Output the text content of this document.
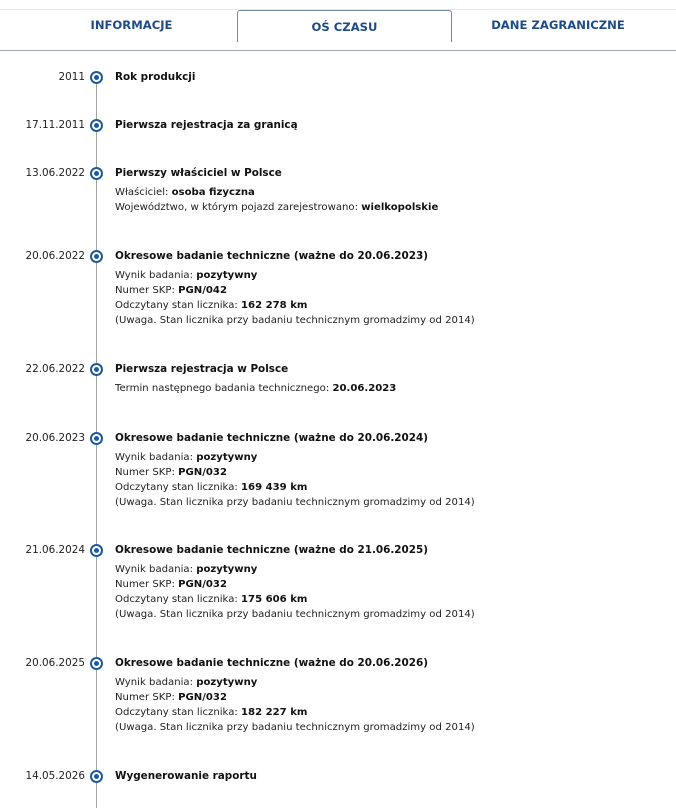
INFORMACJE	OŚ CZASU	DANE ZAGRANICZNE
2011	Rok produkcji
17.11.2011	Pierwsza rejestracja za granicą
13.06.2022	Pierwszy właściciel w Polsce
Właściciel: osoba fizyczna
Województwo, w którym pojazd zarejestrowano: wielkopolskie
20.06.2022	Okresowe badanie techniczne (ważne do 20.06.2023)
Wynik badania: pozytywny
Numer SKP: PGN/042
Odczytany stan licznika: 162 278 km
(Uwaga. Stan licznika przy badaniu technicznym gromadzimy od 2014)
22.06.2022	Pierwsza rejestracja w Polsce
Termin następnego badania technicznego: 20.06.2023
20.06.2023	Okresowe badanie techniczne (ważne do 20.06.2024)
Wynik badania: pozytywny
Numer SKP: PGN/032
Odczytany stan licznika: 169 439 km
(Uwaga. Stan licznika przy badaniu technicznym gromadzimy od 2014)
21.06.2024	Okresowe badanie techniczne (ważne do 21.06.2025)
Wynik badania: pozytywny
Numer SKP: PGN/032
Odczytany stan licznika: 175 606 km
(Uwaga. Stan licznika przy badaniu technicznym gromadzimy od 2014)
20.06.2025	Okresowe badanie techniczne (ważne do 20.06.2026)
Wynik badania: pozytywny
Numer SKP: PGN/032
Odczytany stan licznika: 182 227 km
(Uwaga. Stan licznika przy badaniu technicznym gromadzimy od 2014)
14.05.2026	Wygenerowanie raportu
